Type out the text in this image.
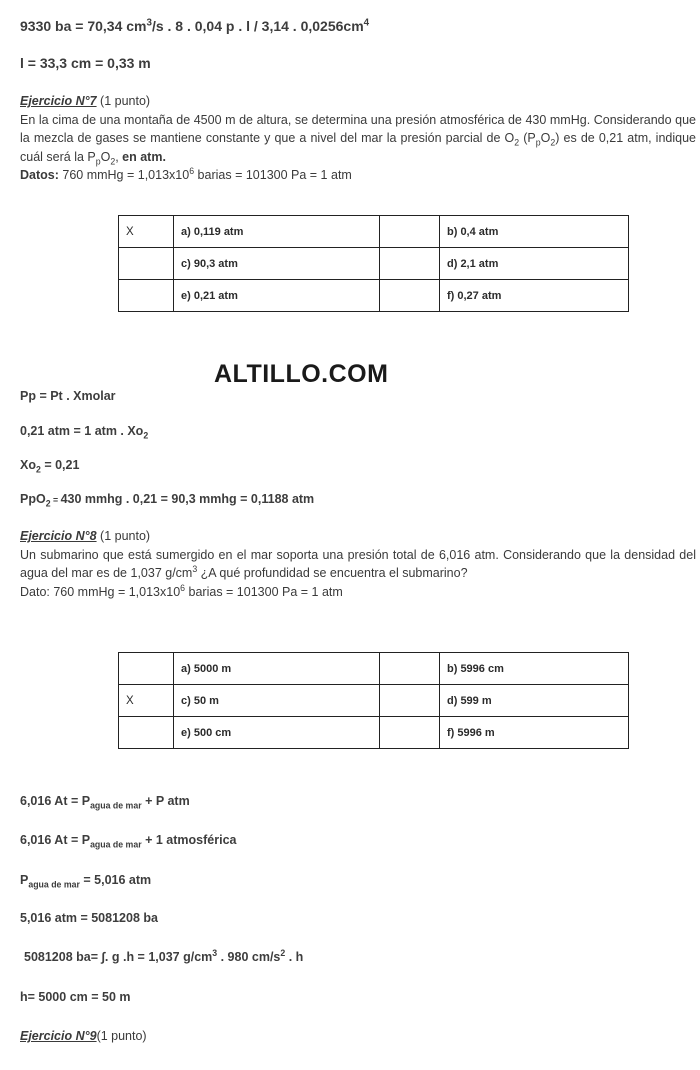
9330 ba = 70,34 $cm^3/s$ . 8 . 0,04 p . l / 3,14 . $0,0256cm^4$
l = 33,3 cm = 0,33 m

Ejercicio N°7 (1 punto)

En la cima de una montaña de 4500 m de altura, se determina una presión atmosférica de 430 mmHg. Considerando que la mezcla de gases se mantiene constante y que a nivel del mar la presión parcial de $O_2$ $(P_pO_2)$ es de 0,21 atm, indique cuál será la $P_pO_2$, en atm.

Datos: 760 mmHg = $1,013x10^6$ barias = 101300 Pa = 1 atm

X	a) 0,119 atm		b) 0,4 atm
	c) 90,3 atm		d) 2,1 atm
	e) 0,21 atm		f) 0,27 atm
ALTILLO.COM
Pp = Pt . Xmolar
0,21 atm = 1 atm . $Xo_2$
$Xo_2 = 0,21$
PpO$_2$ = 430 mmhg . 0,21 = 90,3 mmhg = 0,1188 atm

Ejercicio N°8 (1 punto)

Un submarino que está sumergido en el mar soporta una presión total de 6,016 atm. Considerando que la densidad del agua del mar es de 1,037 $g/cm^3$ ¿A qué profundidad se encuentra el submarino?

Dato: 760 mmHg = $1,013x10^6$ barias = 101300 Pa = 1 atm

	a) 5000 m		b) 5996 cm
X	c) 50 m		d) 599 m
	e) 500 cm		f) 5996 m
6,016 $At = P_{agua de mar} + P$ atm
6,016 $At = P_{agua de mar} + 1$ atmosférica
$P_{agua de mar} = 5,016$ atm
5,016 atm = 5081208 ba
5081208 ba= ∫. g .h = 1,037 $g/cm^3$ . 980 $cm/s^2$ . h
h= 5000 cm = 50 m
Ejercicio N°9(1 punto)
